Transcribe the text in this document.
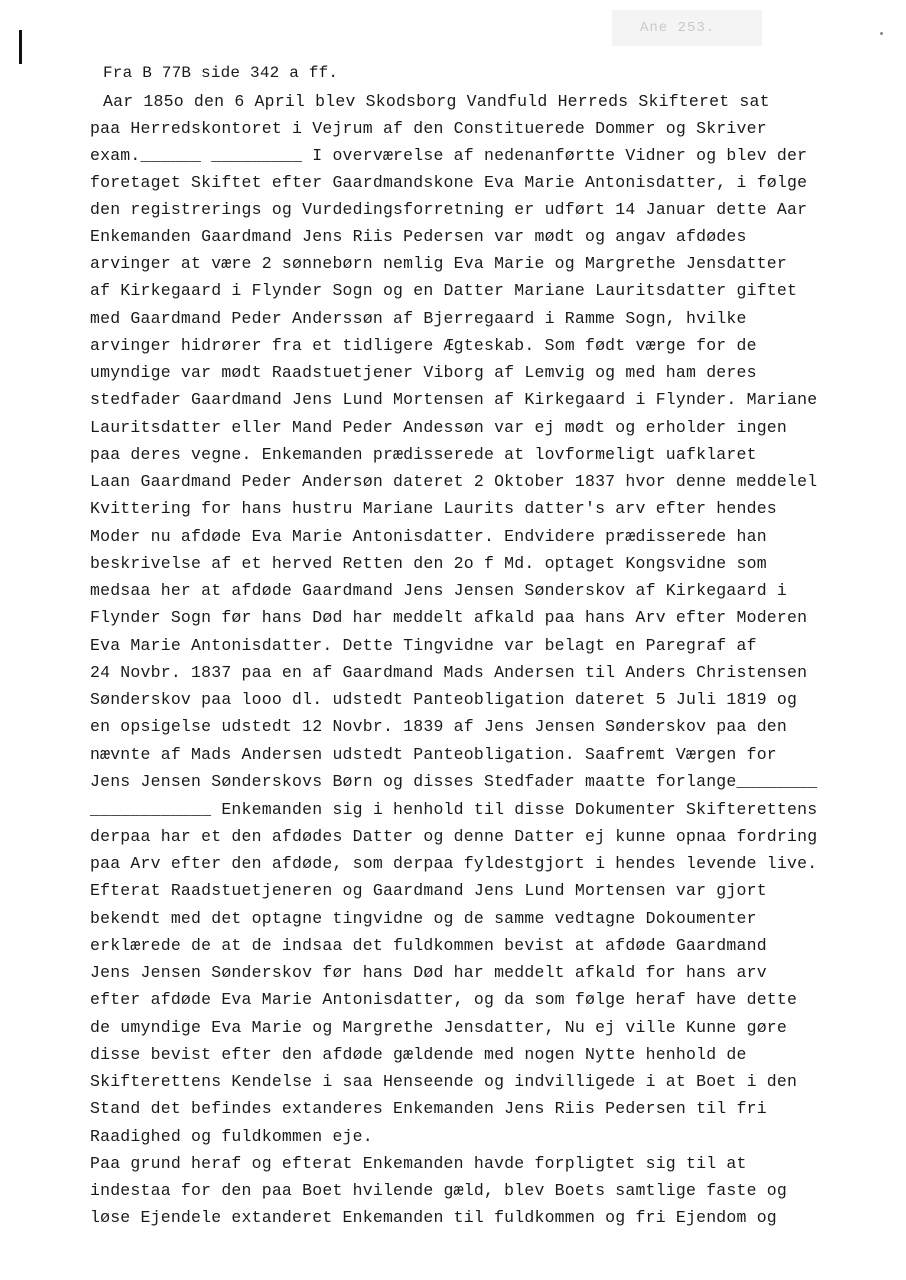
Ane 253.
Fra B 77B side 342 a ff.
Aar 185o den 6 April blev Skodsborg Vandfuld Herreds Skifteret sat
paa Herredskontoret i Vejrum af den Constituerede Dommer og Skriver
exam.______ _________ I overværelse af nedenanførtte Vidner og blev der
foretaget Skiftet efter Gaardmandskone Eva Marie Antonisdatter, i følge
den registrerings og Vurdedingsforretning er udført 14 Januar dette Aar
Enkemanden Gaardmand Jens Riis Pedersen var mødt og angav afdødes
arvinger at være 2 sønnebørn nemlig Eva Marie og Margrethe Jensdatter
af Kirkegaard i Flynder Sogn og en Datter Mariane Lauritsdatter giftet
med Gaardmand Peder Anderssøn af Bjerregaard i Ramme Sogn, hvilke
arvinger hidrører fra et tidligere Ægteskab. Som født værge for de
umyndige var mødt Raadstuetjener Viborg af Lemvig og med ham deres
stedfader Gaardmand Jens Lund Mortensen af Kirkegaard i Flynder. Mariane
Lauritsdatter eller Mand Peder Andessøn var ej mødt og erholder ingen
paa deres vegne. Enkemanden prædisserede at lovformeligt uafklaret
Laan Gaardmand Peder Andersøn dateret 2 Oktober 1837 hvor denne meddelel
Kvittering for hans hustru Mariane Laurits datter's arv efter hendes
Moder nu afdøde Eva Marie Antonisdatter. Endvidere prædisserede han
beskrivelse af et herved Retten den 2o f Md. optaget Kongsvidne som
medsaa her at afdøde Gaardmand Jens Jensen Sønderskov af Kirkegaard i
Flynder Sogn før hans Død har meddelt afkald paa hans Arv efter Moderen
Eva Marie Antonisdatter. Dette Tingvidne var belagt en Paregraf af
24 Novbr. 1837 paa en af Gaardmand Mads Andersen til Anders Christensen
Sønderskov paa looo dl. udstedt Panteobligation dateret 5 Juli 1819 og
en opsigelse udstedt 12 Novbr. 1839 af Jens Jensen Sønderskov paa den
nævnte af Mads Andersen udstedt Panteobligation. Saafremt Værgen for
Jens Jensen Sønderskovs Børn og disses Stedfader maatte forlange________
____________ Enkemanden sig i henhold til disse Dokumenter Skifterettens
derpaa har et den afdødes Datter og denne Datter ej kunne opnaa fordring
paa Arv efter den afdøde, som derpaa fyldestgjort i hendes levende live.
Efterat Raadstuetjeneren og Gaardmand Jens Lund Mortensen var gjort
bekendt med det optagne tingvidne og de samme vedtagne Dokoumenter
erklærede de at de indsaa det fuldkommen bevist at afdøde Gaardmand
Jens Jensen Sønderskov før hans Død har meddelt afkald for hans arv
efter afdøde Eva Marie Antonisdatter, og da som følge heraf have dette
de umyndige Eva Marie og Margrethe Jensdatter, Nu ej ville Kunne gøre
disse bevist efter den afdøde gældende med nogen Nytte henhold de
Skifterettens Kendelse i saa Henseende og indvilligede i at Boet i den
Stand det befindes extanderes Enkemanden Jens Riis Pedersen til fri
Raadighed og fuldkommen eje.
Paa grund heraf og efterat Enkemanden havde forpligtet sig til at
indestaa for den paa Boet hvilende gæld, blev Boets samtlige faste og
løse Ejendele extanderet Enkemanden til fuldkommen og fri Ejendom og
